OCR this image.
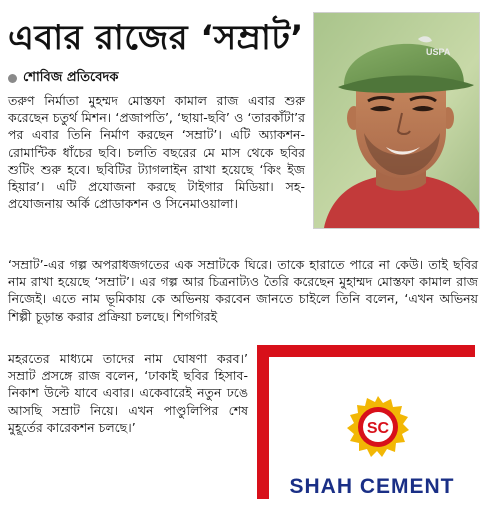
এবার রাজের ‘সম্রাট’	USPA
শোবিজ প্রতিবেদক
তরুণ নির্মাতা মুহম্মদ মোস্তফা কামাল রাজ এবার শুরু করেছেন চতুর্থ মিশন। ‘প্রজাপতি’, ‘ছায়া-ছবি’ ও ‘তারকাঁটা’র পর এবার তিনি নির্মাণ করছেন ‘সম্রাট’। এটি অ্যাকশন-রোমান্টিক ধাঁচের ছবি। চলতি বছরের মে মাস থেকে ছবির শুটিং শুরু হবে। ছবিটির ট্যাগলাইন রাখা হয়েছে ‘কিং ইজ হিয়ার’। এটি প্রযোজনা করছে টাইগার মিডিয়া। সহ-প্রযোজনায় অর্কি প্রোডাকশন ও সিনেমাওয়ালা।
‘সম্রাট’-এর গল্প অপরাধজগতের এক সম্রাটকে ঘিরে। তাকে হারাতে পারে না কেউ। তাই ছবির নাম রাখা হয়েছে ‘সম্রাট’। এর গল্প আর চিত্রনাট্যও তৈরি করেছেন মুহাম্মদ মোস্তফা কামাল রাজ নিজেই। এতে নাম ভূমিকায় কে অভিনয় করবেন জানতে চাইলে তিনি বলেন, ‘এখন অভিনয় শিল্পী চূড়ান্ত করার প্রক্রিয়া চলছে। শিগগিরই
মহরতের মাধ্যমে তাদের নাম ঘোষণা করব।’ সম্রাট প্রসঙ্গে রাজ বলেন, ‘ঢাকাই ছবির হিসাব-নিকাশ উল্টে যাবে এবার। একেবারেই নতুন ঢঙে আসছি সম্রাট নিয়ে। এখন পাণ্ডুলিপির শেষ মুহূর্তের কারেকশন চলছে।’	SC
SHAH CEMENT
